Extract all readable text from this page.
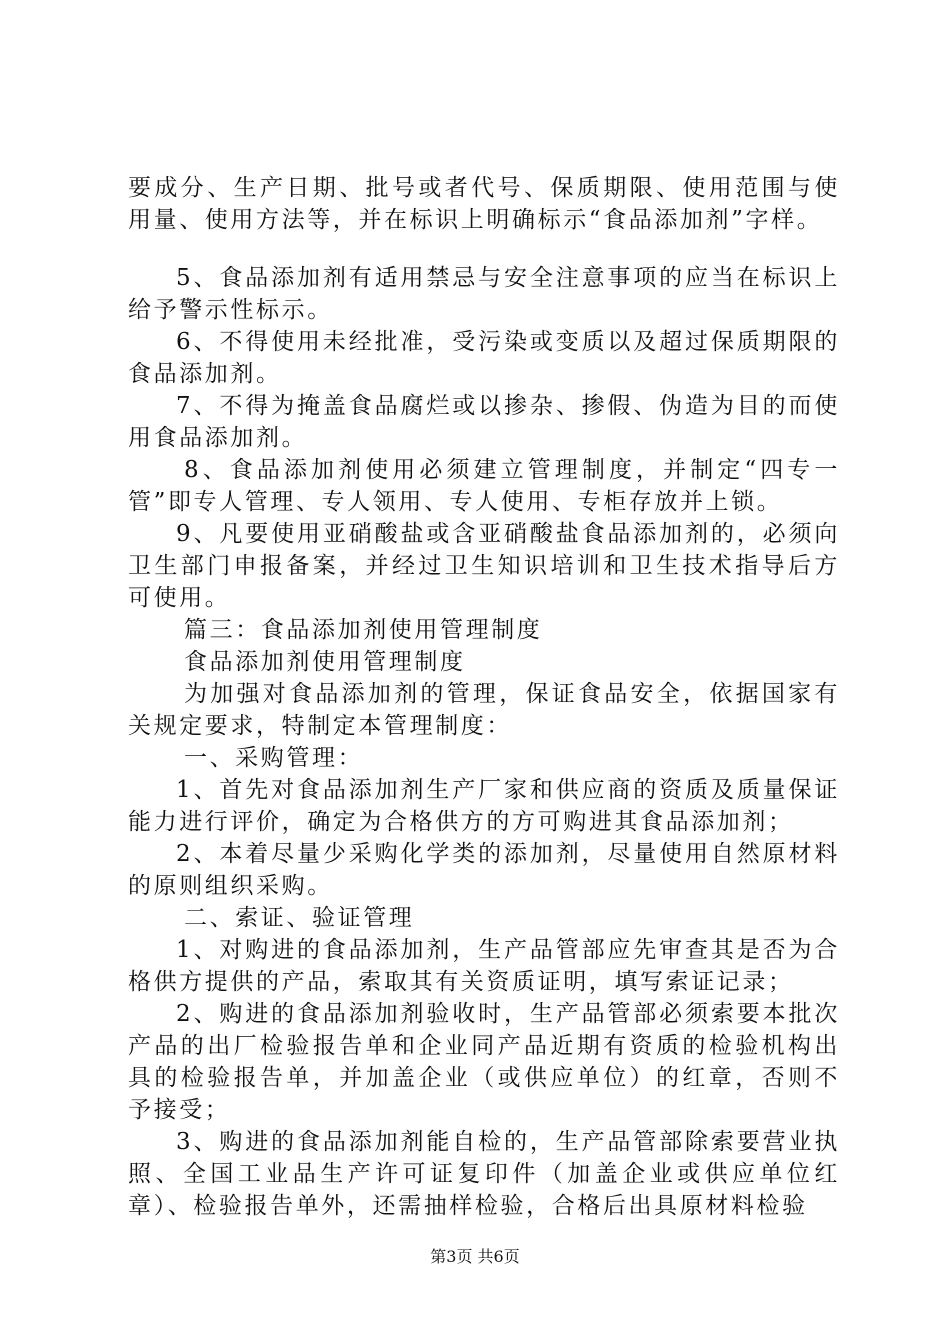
要成分、生产日期、批号或者代号、保质期限、使用范围与使用量、使用方法等，并在标识上明确标示“食品添加剂”字样。

5、食品添加剂有适用禁忌与安全注意事项的应当在标识上给予警示性标示。

6、不得使用未经批准，受污染或变质以及超过保质期限的食品添加剂。

7、不得为掩盖食品腐烂或以掺杂、掺假、伪造为目的而使用食品添加剂。

8、食品添加剂使用必须建立管理制度，并制定“四专一管”即专人管理、专人领用、专人使用、专柜存放并上锁。

9、凡要使用亚硝酸盐或含亚硝酸盐食品添加剂的，必须向卫生部门申报备案，并经过卫生知识培训和卫生技术指导后方可使用。

篇三：食品添加剂使用管理制度

食品添加剂使用管理制度

为加强对食品添加剂的管理，保证食品安全，依据国家有关规定要求，特制定本管理制度：

一、采购管理：

1、首先对食品添加剂生产厂家和供应商的资质及质量保证能力进行评价，确定为合格供方的方可购进其食品添加剂；

2、本着尽量少采购化学类的添加剂，尽量使用自然原材料的原则组织采购。

二、索证、验证管理

1、对购进的食品添加剂，生产品管部应先审查其是否为合格供方提供的产品，索取其有关资质证明，填写索证记录；

2、购进的食品添加剂验收时，生产品管部必须索要本批次产品的出厂检验报告单和企业同产品近期有资质的检验机构出具的检验报告单，并加盖企业（或供应单位）的红章，否则不予接受；

3、购进的食品添加剂能自检的，生产品管部除索要营业执照、全国工业品生产许可证复印件（加盖企业或供应单位红章）、检验报告单外，还需抽样检验，合格后出具原材料检验

第3页 共6页
